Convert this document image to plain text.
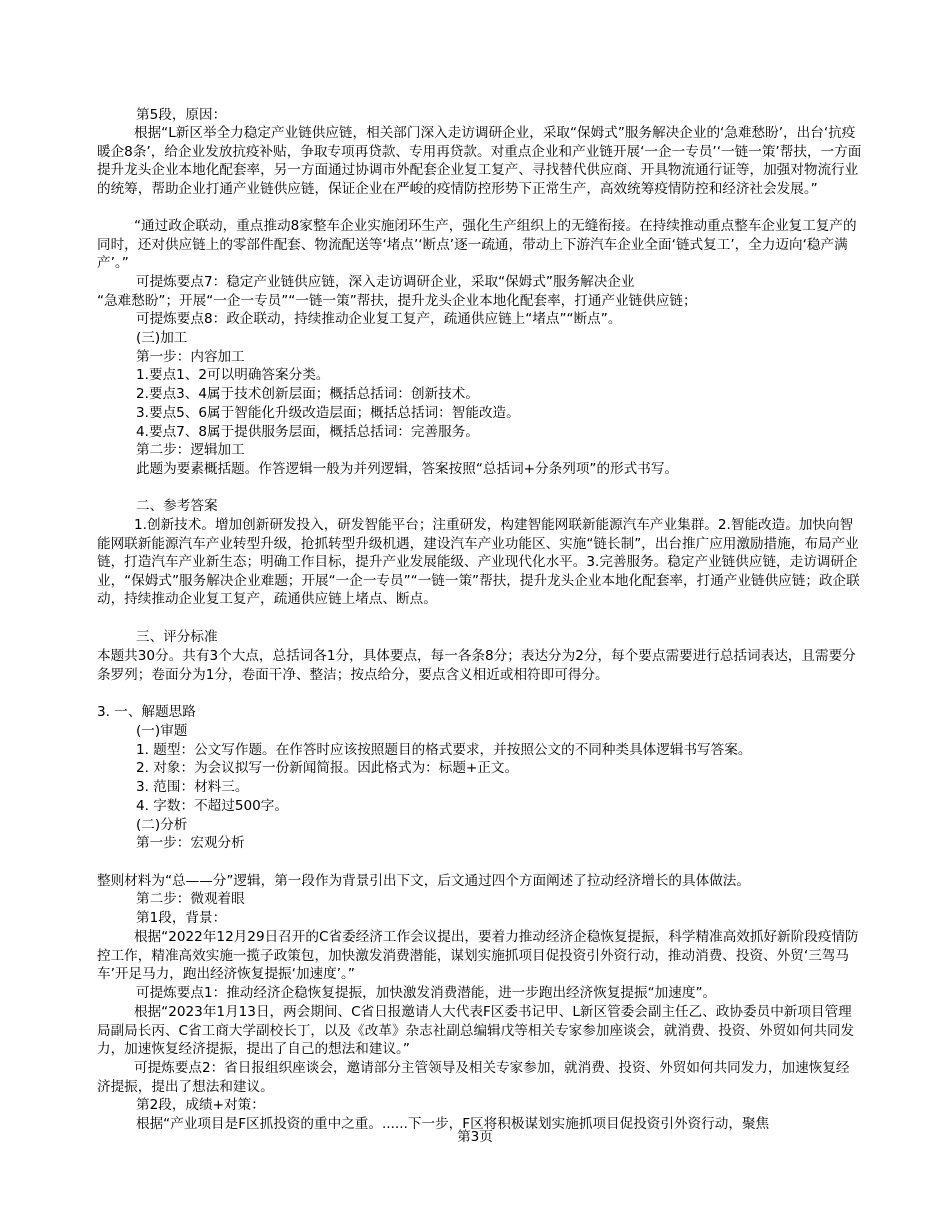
第5段，原因：

根据“L新区举全力稳定产业链供应链，相关部门深入走访调研企业，采取“保姆式”服务解决企业的‘急难愁盼’，出台‘抗疫暖企8条’，给企业发放抗疫补贴，争取专项再贷款、专用再贷款。对重点企业和产业链开展‘一企一专员’‘一链一策’帮扶，一方面提升龙头企业本地化配套率，另一方面通过协调市外配套企业复工复产、寻找替代供应商、开具物流通行证等，加强对物流行业的统筹，帮助企业打通产业链供应链，保证企业在严峻的疫情防控形势下正常生产，高效统筹疫情防控和经济社会发展。”

“通过政企联动，重点推动8家整车企业实施闭环生产，强化生产组织上的无缝衔接。在持续推动重点整车企业复工复产的同时，还对供应链上的零部件配套、物流配送等‘堵点’‘断点’逐一疏通，带动上下游汽车企业全面‘链式复工’，全力迈向‘稳产满产’。”

可提炼要点7：稳定产业链供应链，深入走访调研企业，采取“保姆式”服务解决企业
“急难愁盼”；开展“一企一专员”“一链一策”帮扶，提升龙头企业本地化配套率，打通产业链供应链；
可提炼要点8：政企联动，持续推动企业复工复产，疏通供应链上“堵点”“断点”。
(三)加工
第一步：内容加工
1.要点1、2可以明确答案分类。
2.要点3、4属于技术创新层面；概括总括词：创新技术。
3.要点5、6属于智能化升级改造层面；概括总括词：智能改造。
4.要点7、8属于提供服务层面，概括总括词：完善服务。
第二步：逻辑加工
此题为要素概括题。作答逻辑一般为并列逻辑，答案按照“总括词+分条列项”的形式书写。
二、参考答案

1.创新技术。增加创新研发投入，研发智能平台；注重研发，构建智能网联新能源汽车产业集群。2.智能改造。加快向智能网联新能源汽车产业转型升级，抢抓转型升级机遇，建设汽车产业功能区、实施“链长制”，出台推广应用激励措施，布局产业链，打造汽车产业新生态；明确工作目标，提升产业发展能级、产业现代化水平。3.完善服务。稳定产业链供应链，走访调研企业，“保姆式”服务解决企业难题；开展“一企一专员”“一链一策”帮扶，提升龙头企业本地化配套率，打通产业链供应链；政企联动，持续推动企业复工复产，疏通供应链上堵点、断点。

三、评分标准

本题共30分。共有3个大点，总括词各1分，具体要点，每一各条8分；表达分为2分，每个要点需要进行总括词表达，且需要分条罗列；卷面分为1分，卷面干净、整洁；按点给分，要点含义相近或相符即可得分。

3. 一、解题思路
(一)审题
1. 题型：公文写作题。在作答时应该按照题目的格式要求，并按照公文的不同种类具体逻辑书写答案。
2. 对象：为会议拟写一份新闻简报。因此格式为：标题+正文。
3. 范围：材料三。
4. 字数：不超过500字。
(二)分析
第一步：宏观分析
整则材料为“总——分”逻辑，第一段作为背景引出下文，后文通过四个方面阐述了拉动经济增长的具体做法。
第二步：微观着眼
第1段，背景：

根据“2022年12月29日召开的C省委经济工作会议提出，要着力推动经济企稳恢复提振，科学精准高效抓好新阶段疫情防控工作，精准高效实施一揽子政策包，加快激发消费潜能，谋划实施抓项目促投资引外资行动，推动消费、投资、外贸‘三驾马车’开足马力，跑出经济恢复提振‘加速度’。”

可提炼要点1：推动经济企稳恢复提振，加快激发消费潜能，进一步跑出经济恢复提振“加速度”。

根据“2023年1月13日，两会期间、C省日报邀请人大代表F区委书记甲、L新区管委会副主任乙、政协委员中新项目管理局副局长丙、C省工商大学副校长丁，以及《改革》杂志社副总编辑戊等相关专家参加座谈会，就消费、投资、外贸如何共同发力，加速恢复经济提振，提出了自己的想法和建议。”

可提炼要点2：省日报组织座谈会，邀请部分主管领导及相关专家参加，就消费、投资、外贸如何共同发力，加速恢复经济提振，提出了想法和建议。

第2段，成绩+对策：
根据“产业项目是F区抓投资的重中之重。......下一步，F区将积极谋划实施抓项目促投资引外资行动，聚焦
第3页
